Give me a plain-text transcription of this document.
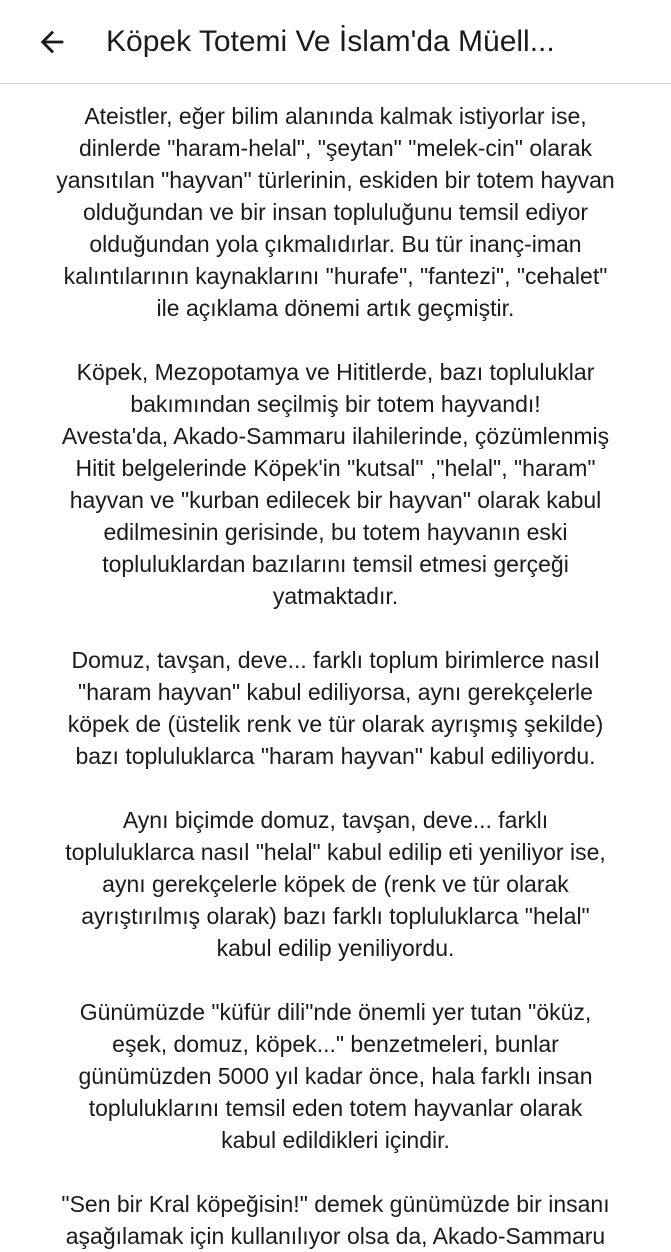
Köpek Totemi Ve İslam'da Müell...

Ateistler, eğer bilim alanında kalmak istiyorlar ise,
dinlerde "haram-helal", "şeytan" "melek-cin" olarak
yansıtılan "hayvan" türlerinin, eskiden bir totem hayvan
olduğundan ve bir insan topluluğunu temsil ediyor
olduğundan yola çıkmalıdırlar. Bu tür inanç-iman
kalıntılarının kaynaklarını "hurafe", "fantezi", "cehalet"
ile açıklama dönemi artık geçmiştir.

Köpek, Mezopotamya ve Hititlerde, bazı topluluklar
bakımından seçilmiş bir totem hayvandı!
Avesta'da, Akado-Sammaru ilahilerinde, çözümlenmiş
Hitit belgelerinde Köpek'in "kutsal" ,"helal", "haram"
hayvan ve "kurban edilecek bir hayvan" olarak kabul
edilmesinin gerisinde, bu totem hayvanın eski
topluluklardan bazılarını temsil etmesi gerçeği
yatmaktadır.

Domuz, tavşan, deve... farklı toplum birimlerce nasıl
"haram hayvan" kabul ediliyorsa, aynı gerekçelerle
köpek de (üstelik renk ve tür olarak ayrışmış şekilde)
bazı topluluklarca "haram hayvan" kabul ediliyordu.

Aynı biçimde domuz, tavşan, deve... farklı
topluluklarca nasıl "helal" kabul edilip eti yeniliyor ise,
aynı gerekçelerle köpek de (renk ve tür olarak
ayrıştırılmış olarak) bazı farklı topluluklarca "helal"
kabul edilip yeniliyordu.

Günümüzde "küfür dili"nde önemli yer tutan "öküz,
eşek, domuz, köpek..." benzetmeleri, bunlar
günümüzden 5000 yıl kadar önce, hala farklı insan
topluluklarını temsil eden totem hayvanlar olarak
kabul edildikleri içindir.

"Sen bir Kral köpeğisin!" demek günümüzde bir insanı
aşağılamak için kullanılıyor olsa da, Akado-Sammaru
